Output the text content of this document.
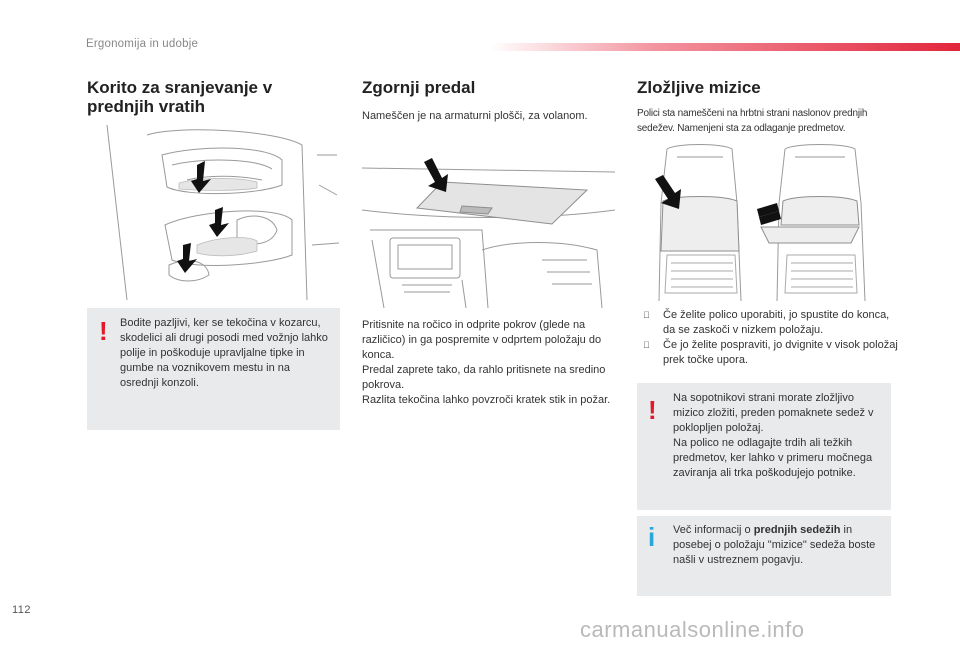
Ergonomija in udobje
Korito za sranjevanje v prednjih vratih
! Bodite pazljivi, ker se tekočina v kozarcu, skodelici ali drugi posodi med vožnjo lahko polije in poškoduje upravljalne tipke in gumbe na voznikovem mestu in na osrednji konzoli.

Zgornji predal

Nameščen je na armaturni plošči, za volanom.

Pritisnite na ročico in odprite pokrov (glede na različico) in ga pospremite v odprtem položaju do konca.

Predal zaprete tako, da rahlo pritisnete na sredino pokrova.

Razlita tekočina lahko povzroči kratek stik in požar.

Zložljive mizice

Polici sta nameščeni na hrbtni strani naslonov prednjih sedežev. Namenjeni sta za odlaganje predmetov.

Če želite polico uporabiti, jo spustite do konca, da se zaskoči v nizkem položaju.
Če jo želite pospraviti, jo dvignite v visok položaj prek točke upora.
! Na sopotnikovi strani morate zložljivo mizico zložiti, preden pomaknete sedež v poklopljen položaj.

Na polico ne odlagajte trdih ali težkih predmetov, ker lahko v primeru močnega zaviranja ali trka poškodujejo potnike.

i Več informacij o prednjih sedežih in posebej o položaju "mizice" sedeža boste našli v ustreznem pogavju.

112
carmanualsonline.info
